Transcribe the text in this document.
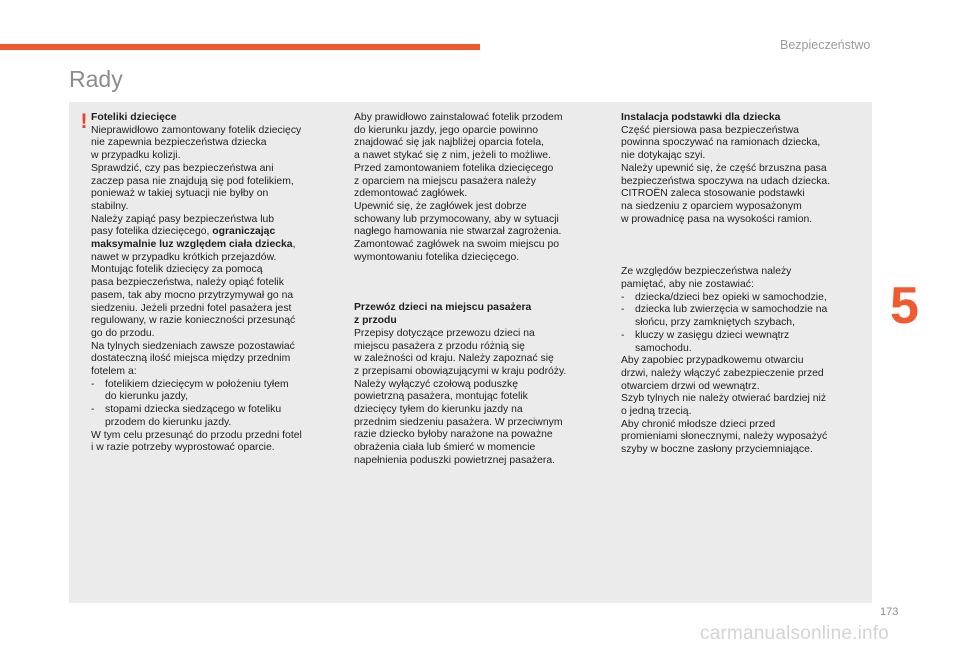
Bezpieczeństwo
Rady
5
173
carmanualsonline.info
! Foteliki dziecięce
Nieprawidłowo zamontowany fotelik dziecięcy
nie zapewnia bezpieczeństwa dziecka
w przypadku kolizji.
Sprawdzić, czy pas bezpieczeństwa ani
zaczep pasa nie znajdują się pod fotelikiem,
ponieważ w takiej sytuacji nie byłby on
stabilny.
Należy zapiąć pasy bezpieczeństwa lub
pasy fotelika dziecięcego, ograniczając
maksymalnie luz względem ciała dziecka,
nawet w przypadku krótkich przejazdów.
Montując fotelik dziecięcy za pomocą
pasa bezpieczeństwa, należy opiąć fotelik
pasem, tak aby mocno przytrzymywał go na
siedzeniu. Jeżeli przedni fotel pasażera jest
regulowany, w razie konieczności przesunąć
go do przodu.
Na tylnych siedzeniach zawsze pozostawiać
dostateczną ilość miejsca między przednim
fotelem a:
- fotelikiem dziecięcym w położeniu tyłem
do kierunku jazdy,
- stopami dziecka siedzącego w foteliku
przodem do kierunku jazdy.
W tym celu przesunąć do przodu przedni fotel
i w razie potrzeby wyprostować oparcie.
Aby prawidłowo zainstalować fotelik przodem
do kierunku jazdy, jego oparcie powinno
znajdować się jak najbliżej oparcia fotela,
a nawet stykać się z nim, jeżeli to możliwe.
Przed zamontowaniem fotelika dziecięcego
z oparciem na miejscu pasażera należy
zdemontować zagłówek.
Upewnić się, że zagłówek jest dobrze
schowany lub przymocowany, aby w sytuacji
nagłego hamowania nie stwarzał zagrożenia.
Zamontować zagłówek na swoim miejscu po
wymontowaniu fotelika dziecięcego.

Przewóz dzieci na miejscu pasażera
z przodu

Przepisy dotyczące przewozu dzieci na
miejscu pasażera z przodu różnią się
w zależności od kraju. Należy zapoznać się
z przepisami obowiązującymi w kraju podróży.
Należy wyłączyć czołową poduszkę
powietrzną pasażera, montując fotelik
dziecięcy tyłem do kierunku jazdy na
przednim siedzeniu pasażera. W przeciwnym
razie dziecko byłoby narażone na poważne
obrażenia ciała lub śmierć w momencie
napełnienia poduszki powietrznej pasażera.
Instalacja podstawki dla dziecka
Część piersiowa pasa bezpieczeństwa
powinna spoczywać na ramionach dziecka,
nie dotykając szyi.
Należy upewnić się, że część brzuszna pasa
bezpieczeństwa spoczywa na udach dziecka.
CITROËN zaleca stosowanie podstawki
na siedzeniu z oparciem wyposażonym
w prowadnicę pasa na wysokości ramion.

Ze względów bezpieczeństwa należy

pamiętać, aby nie zostawiać:
- dziecka/dzieci bez opieki w samochodzie,
- dziecka lub zwierzęcia w samochodzie na
słońcu, przy zamkniętych szybach,
- kluczy w zasięgu dzieci wewnątrz
samochodu.
Aby zapobiec przypadkowemu otwarciu
drzwi, należy włączyć zabezpieczenie przed
otwarciem drzwi od wewnątrz.
Szyb tylnych nie należy otwierać bardziej niż
o jedną trzecią.
Aby chronić młodsze dzieci przed
promieniami słonecznymi, należy wyposażyć
szyby w boczne zasłony przyciemniające.
